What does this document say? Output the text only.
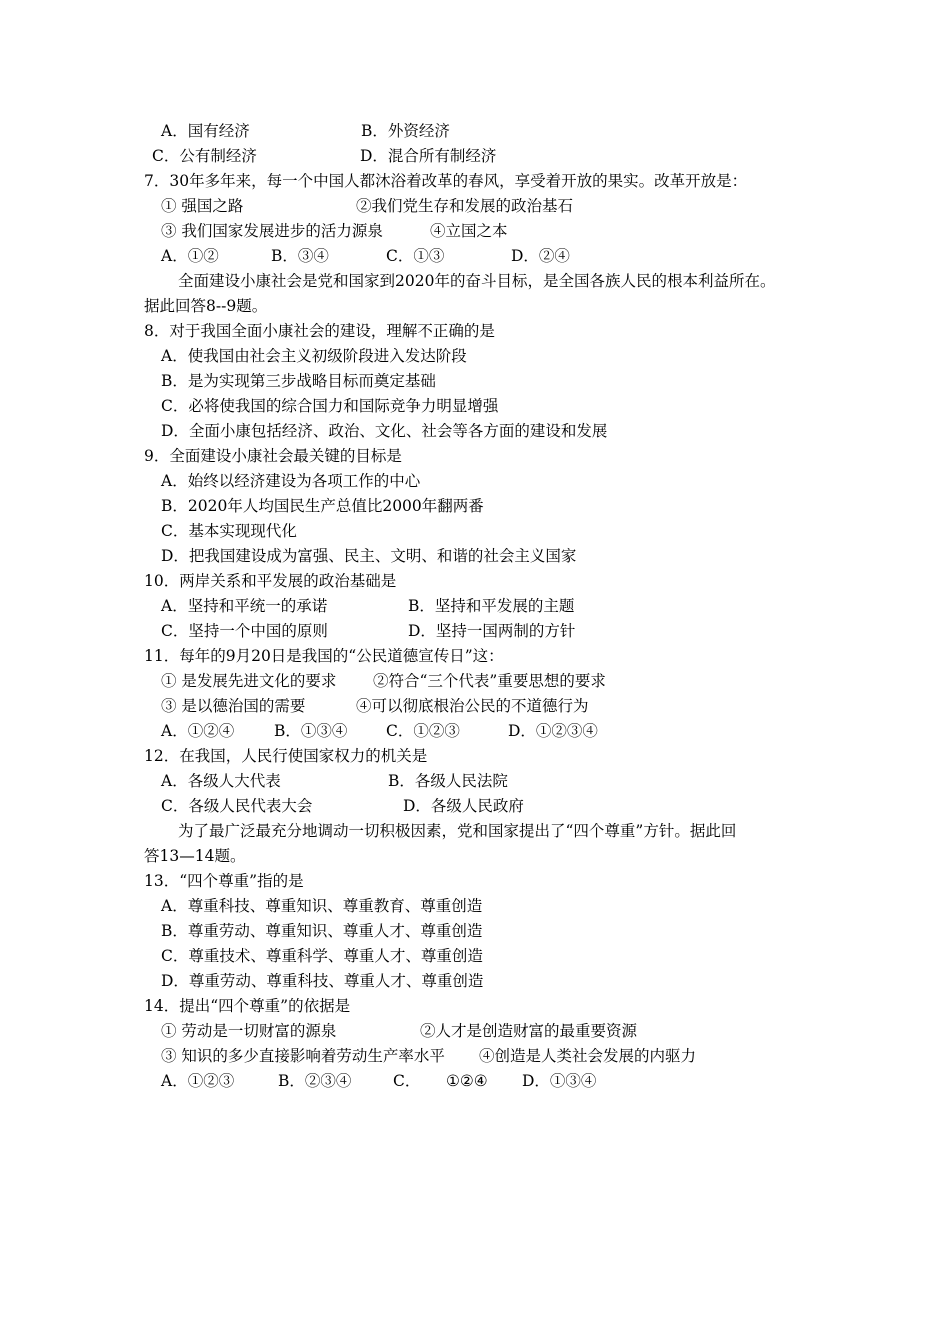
A．国有经济	B．外资经济
C．公有制经济	D．混合所有制经济
7．30年多年来，每一个中国人都沐浴着改革的春风，享受着开放的果实。改革开放是：
① 强国之路	②我们党生存和发展的政治基石
③ 我们国家发展进步的活力源泉	④立国之本
A．①②	B．③④	C．①③	D．②④
全面建设小康社会是党和国家到2020年的奋斗目标，是全国各族人民的根本利益所在。
据此回答8--9题。
8．对于我国全面小康社会的建设，理解不正确的是
A．使我国由社会主义初级阶段进入发达阶段
B．是为实现第三步战略目标而奠定基础
C．必将使我国的综合国力和国际竞争力明显增强
D．全面小康包括经济、政治、文化、社会等各方面的建设和发展
9．全面建设小康社会最关键的目标是
A．始终以经济建设为各项工作的中心
B．2020年人均国民生产总值比2000年翻两番
C．基本实现现代化
D．把我国建设成为富强、民主、文明、和谐的社会主义国家
10．两岸关系和平发展的政治基础是
A．坚持和平统一的承诺	B．坚持和平发展的主题
C．坚持一个中国的原则	D．坚持一国两制的方针
11．每年的9月20日是我国的“公民道德宣传日”这：
① 是发展先进文化的要求 ②符合“三个代表”重要思想的要求
③ 是以德治国的需要	④可以彻底根治公民的不道德行为
A．①②④	B．①③④ C．①②③	D．①②③④
12．在我国，人民行使国家权力的机关是
A．各级人大代表	B．各级人民法院
C．各级人民代表大会	D．各级人民政府
为了最广泛最充分地调动一切积极因素，党和国家提出了“四个尊重”方针。据此回
答13—14题。
13．“四个尊重”指的是
A．尊重科技、尊重知识、尊重教育、尊重创造
B．尊重劳动、尊重知识、尊重人才、尊重创造
C．尊重技术、尊重科学、尊重人才、尊重创造
D．尊重劳动、尊重科技、尊重人才、尊重创造
14．提出“四个尊重”的依据是
① 劳动是一切财富的源泉	②人才是创造财富的最重要资源
③ 知识的多少直接影响着劳动生产率水平 ④创造是人类社会发展的内驱力
A．①②③	B．②③④	C． ①②④ D．①③④
